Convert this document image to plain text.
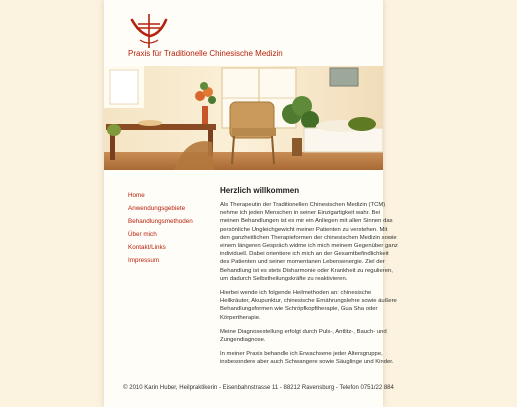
Praxis für Traditionelle Chinesische Medizin
Home
Anwendungsgebiete
Behandlungsmethoden
Über mich
Kontakt/Links
Impressum
Herzlich willkommen

Als Therapeutin der Traditionellen Chinesischen Medizin (TCM) nehme ich jeden Menschen in seiner Einzigartigkeit wahr. Bei meinen Behandlungen ist es mir ein Anliegen mit allen Sinnen das persönliche Ungleichgewicht meiner Patienten zu verstehen. Mit den ganzheitlichen Therapieformen der chinesischen Medizin sowie einem längeren Gespräch widme ich mich meinem Gegenüber ganz individuell. Dabei orientiere ich mich an der Gesamtbefindlichkeit des Patienten und seiner momentanen Lebensenergie. Ziel der Behandlung ist es stets Disharmonie oder Krankheit zu regulieren, um dadurch Selbstheilungskräfte zu reaktivieren.

Hierbei wende ich folgende Heilmethoden an: chinesische Heilkräuter, Akupunktur, chinesische Ernährungslehre sowie äußere Behandlungsformen wie Schröpfkopftherapie, Gua Sha oder Körpertherapie.

Meine Diagnosestellung erfolgt durch Puls-, Antlitz-, Bauch- und Zungendiagnose.

In meiner Praxis behandle ich Erwachsene jeder Altersgruppe, insbesondere aber auch Schwangere sowie Säuglinge und Kinder.

© 2010 Karin Huber, Heilpraktikerin - Eisenbahnstrasse 11 - 88212 Ravensburg - Telefon 0751/22 884
